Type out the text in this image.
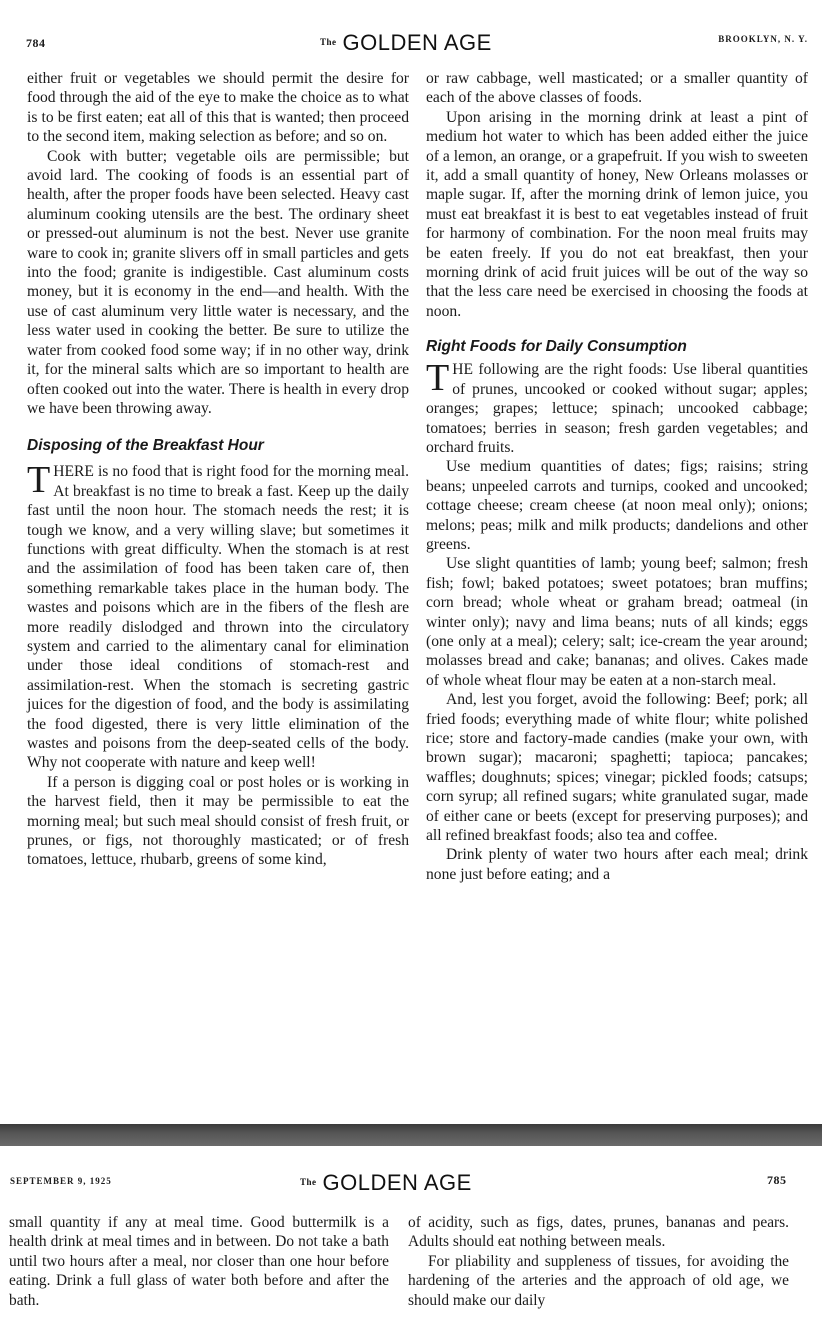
784	$^{The}$ GOLDEN AGE	BROOKLYN, N. Y.

either fruit or vegetables we should permit the desire for food through the aid of the eye to make the choice as to what is to be first eaten; eat all of this that is wanted; then proceed to the second item, making selection as before; and so on.

Cook with butter; vegetable oils are permissible; but avoid lard. The cooking of foods is an essential part of health, after the proper foods have been selected. Heavy cast aluminum cooking utensils are the best. The ordinary sheet or pressed-out aluminum is not the best. Never use granite ware to cook in; granite slivers off in small particles and gets into the food; granite is indigestible. Cast aluminum costs money, but it is economy in the end—and health. With the use of cast aluminum very little water is necessary, and the less water used in cooking the better. Be sure to utilize the water from cooked food some way; if in no other way, drink it, for the mineral salts which are so important to health are often cooked out into the water. There is health in every drop we have been throwing away.

Disposing of the Breakfast Hour

THERE is no food that is right food for the morning meal. At breakfast is no time to break a fast. Keep up the daily fast until the noon hour. The stomach needs the rest; it is tough we know, and a very willing slave; but sometimes it functions with great difficulty. When the stomach is at rest and the assimilation of food has been taken care of, then something remarkable takes place in the human body. The wastes and poisons which are in the fibers of the flesh are more readily dislodged and thrown into the circulatory system and carried to the alimentary canal for elimination under those ideal conditions of stomach-rest and assimilation-rest. When the stomach is secreting gastric juices for the digestion of food, and the body is assimilating the food digested, there is very little elimination of the wastes and poisons from the deep-seated cells of the body. Why not cooperate with nature and keep well!

If a person is digging coal or post holes or is working in the harvest field, then it may be permissible to eat the morning meal; but such meal should consist of fresh fruit, or prunes, or figs, not thoroughly masticated; or of fresh tomatoes, lettuce, rhubarb, greens of some kind,

or raw cabbage, well masticated; or a smaller quantity of each of the above classes of foods.

Upon arising in the morning drink at least a pint of medium hot water to which has been added either the juice of a lemon, an orange, or a grapefruit. If you wish to sweeten it, add a small quantity of honey, New Orleans molasses or maple sugar. If, after the morning drink of lemon juice, you must eat breakfast it is best to eat vegetables instead of fruit for harmony of combination. For the noon meal fruits may be eaten freely. If you do not eat breakfast, then your morning drink of acid fruit juices will be out of the way so that the less care need be exercised in choosing the foods at noon.

Right Foods for Daily Consumption

THE following are the right foods: Use liberal quantities of prunes, uncooked or cooked without sugar; apples; oranges; grapes; lettuce; spinach; uncooked cabbage; tomatoes; berries in season; fresh garden vegetables; and orchard fruits.

Use medium quantities of dates; figs; raisins; string beans; unpeeled carrots and turnips, cooked and uncooked; cottage cheese; cream cheese (at noon meal only); onions; melons; peas; milk and milk products; dandelions and other greens.

Use slight quantities of lamb; young beef; salmon; fresh fish; fowl; baked potatoes; sweet potatoes; bran muffins; corn bread; whole wheat or graham bread; oatmeal (in winter only); navy and lima beans; nuts of all kinds; eggs (one only at a meal); celery; salt; ice-cream the year around; molasses bread and cake; bananas; and olives. Cakes made of whole wheat flour may be eaten at a non-starch meal.

And, lest you forget, avoid the following: Beef; pork; all fried foods; everything made of white flour; white polished rice; store and factory-made candies (make your own, with brown sugar); macaroni; spaghetti; tapioca; pancakes; waffles; doughnuts; spices; vinegar; pickled foods; catsups; corn syrup; all refined sugars; white granulated sugar, made of either cane or beets (except for preserving purposes); and all refined breakfast foods; also tea and coffee.

Drink plenty of water two hours after each meal; drink none just before eating; and a

SEPTEMBER 9, 1925	$^{The}$ GOLDEN AGE	785

small quantity if any at meal time. Good buttermilk is a health drink at meal times and in between. Do not take a bath until two hours after a meal, nor closer than one hour before eating. Drink a full glass of water both before and after the bath.

of acidity, such as figs, dates, prunes, bananas and pears. Adults should eat nothing between meals.

For pliability and suppleness of tissues, for avoiding the hardening of the arteries and the approach of old age, we should make our daily
